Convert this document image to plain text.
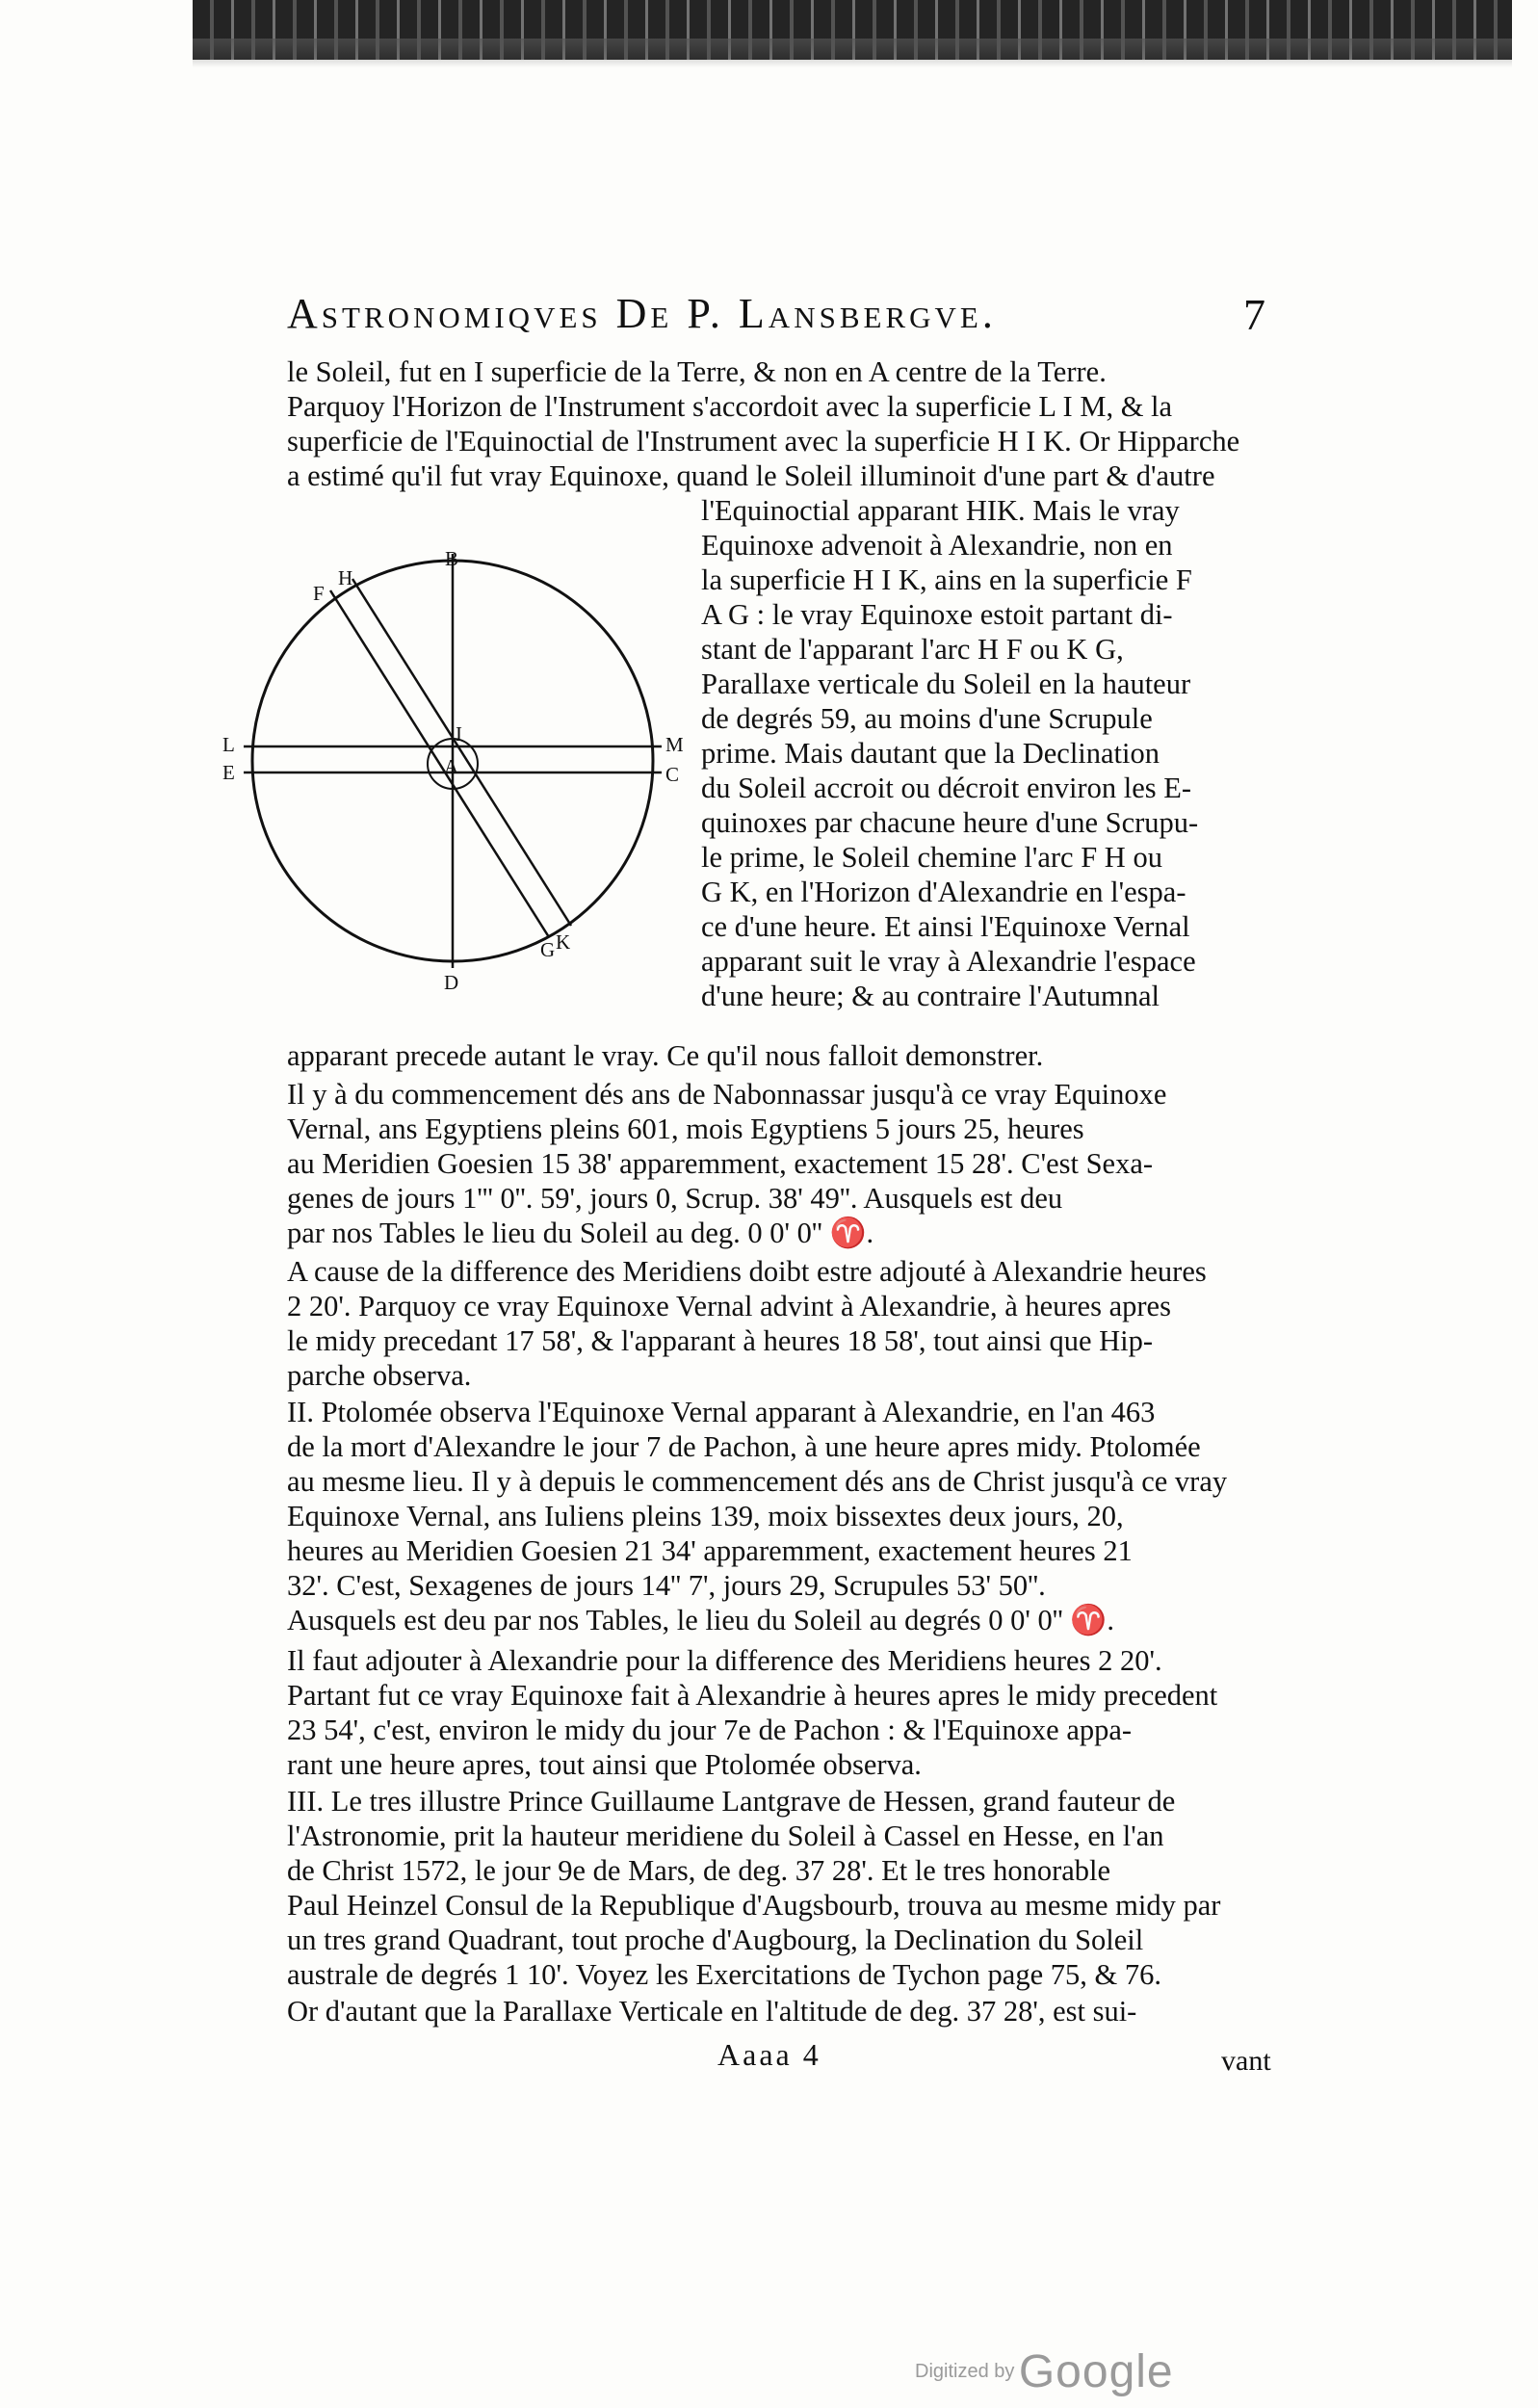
Astronomiqves De P. Lansbergve.	7
le Soleil, fut en I superficie de la Terre, & non en A centre de la Terre.
Parquoy l'Horizon de l'Instrument s'accordoit avec la superficie L I M, & la
superficie de l'Equinoctial de l'Instrument avec la superficie H I K. Or Hipparche
a estimé qu'il fut vray Equinoxe, quand le Soleil illuminoit d'une part & d'autre
B
D
F
H
L
E
M
C
G K
I
A
l'Equinoctial apparant HIK. Mais le vray
Equinoxe advenoit à Alexandrie, non en
la superficie H I K, ains en la superficie F
A G : le vray Equinoxe estoit partant di-
stant de l'apparant l'arc H F ou K G,
Parallaxe verticale du Soleil en la hauteur
de degrés 59, au moins d'une Scrupule
prime. Mais dautant que la Declination
du Soleil accroit ou décroit environ les E-
quinoxes par chacune heure d'une Scrupu-
le prime, le Soleil chemine l'arc F H ou
G K, en l'Horizon d'Alexandrie en l'espa-
ce d'une heure. Et ainsi l'Equinoxe Vernal
apparant suit le vray à Alexandrie l'espace
d'une heure; & au contraire l'Autumnal
apparant precede autant le vray. Ce qu'il nous falloit demonstrer.
Il y à du commencement dés ans de Nabonnassar jusqu'à ce vray Equinoxe
Vernal, ans Egyptiens pleins 601, mois Egyptiens 5 jours 25, heures
au Meridien Goesien 15 38' apparemment, exactement 15 28'. C'est Sexa-
genes de jours 1''' 0''. 59', jours 0, Scrup. 38' 49''. Ausquels est deu
par nos Tables le lieu du Soleil au deg. 0 0' 0'' ♈.
A cause de la difference des Meridiens doibt estre adjouté à Alexandrie heures
2 20'. Parquoy ce vray Equinoxe Vernal advint à Alexandrie, à heures apres
le midy precedant 17 58', & l'apparant à heures 18 58', tout ainsi que Hip-
parche observa.
II. Ptolomée observa l'Equinoxe Vernal apparant à Alexandrie, en l'an 463
de la mort d'Alexandre le jour 7 de Pachon, à une heure apres midy. Ptolomée
au mesme lieu. Il y à depuis le commencement dés ans de Christ jusqu'à ce vray
Equinoxe Vernal, ans Iuliens pleins 139, moix bissextes deux jours, 20,
heures au Meridien Goesien 21 34' apparemment, exactement heures 21
32'. C'est, Sexagenes de jours 14'' 7', jours 29, Scrupules 53' 50''.
Ausquels est deu par nos Tables, le lieu du Soleil au degrés 0 0' 0'' ♈.
Il faut adjouter à Alexandrie pour la difference des Meridiens heures 2 20'.
Partant fut ce vray Equinoxe fait à Alexandrie à heures apres le midy precedent
23 54', c'est, environ le midy du jour 7e de Pachon : & l'Equinoxe appa-
rant une heure apres, tout ainsi que Ptolomée observa.
III. Le tres illustre Prince Guillaume Lantgrave de Hessen, grand fauteur de
l'Astronomie, prit la hauteur meridiene du Soleil à Cassel en Hesse, en l'an
de Christ 1572, le jour 9e de Mars, de deg. 37 28'. Et le tres honorable
Paul Heinzel Consul de la Republique d'Augsbourb, trouva au mesme midy par
un tres grand Quadrant, tout proche d'Augbourg, la Declination du Soleil
australe de degrés 1 10'. Voyez les Exercitations de Tychon page 75, & 76.
Or d'autant que la Parallaxe Verticale en l'altitude de deg. 37 28', est sui-
Aaaa 4	vant
Digitized by Google
